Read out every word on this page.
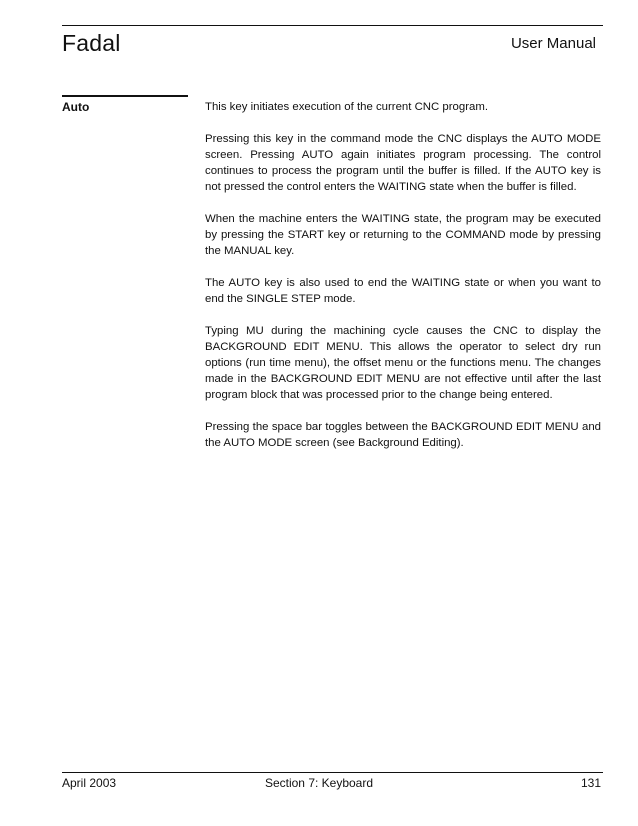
Fadal	User Manual
Auto	This key initiates execution of the current CNC program.

Pressing this key in the command mode the CNC displays the AUTO MODE screen. Pressing AUTO again initiates program processing. The control continues to process the program until the buffer is filled. If the AUTO key is not pressed the control enters the WAITING state when the buffer is filled.

When the machine enters the WAITING state, the program may be executed by pressing the START key or returning to the COMMAND mode by pressing the MANUAL key.

The AUTO key is also used to end the WAITING state or when you want to end the SINGLE STEP mode.

Typing MU during the machining cycle causes the CNC to display the BACKGROUND EDIT MENU. This allows the operator to select dry run options (run time menu), the offset menu or the functions menu. The changes made in the BACKGROUND EDIT MENU are not effective until after the last program block that was processed prior to the change being entered.

Pressing the space bar toggles between the BACKGROUND EDIT MENU and the AUTO MODE screen (see Background Editing).

April 2003	Section 7: Keyboard	131
